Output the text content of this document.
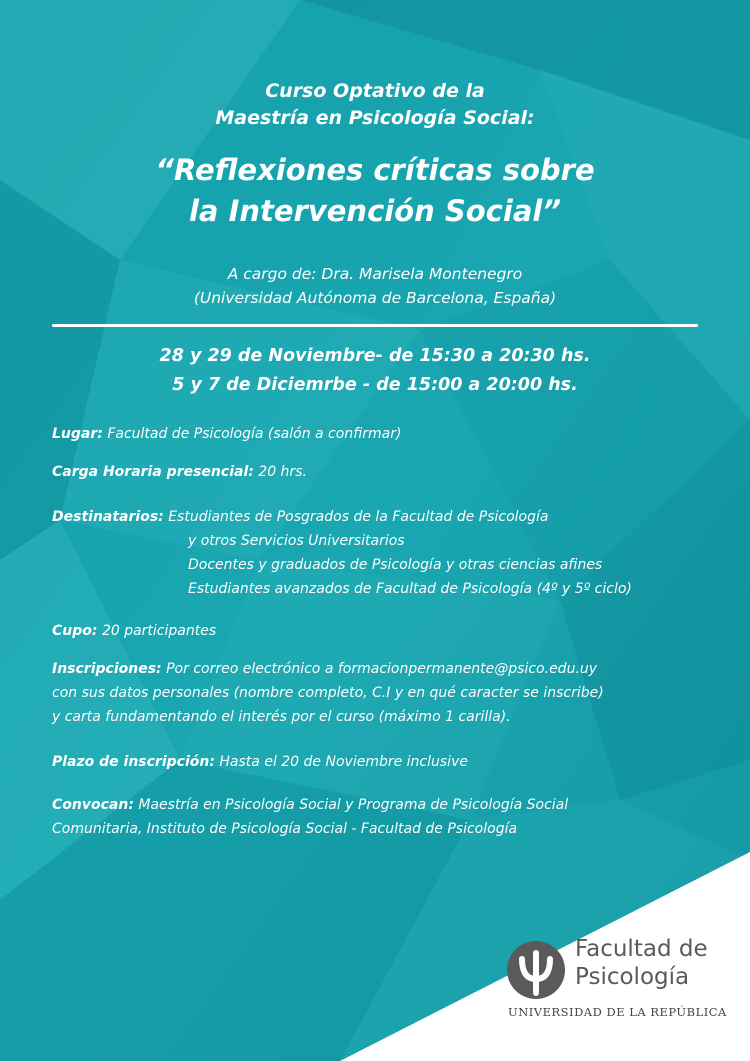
Curso Optativo de la
Maestría en Psicología Social:
“Reflexiones críticas sobre
la Intervención Social”
A cargo de: Dra. Marisela Montenegro
(Universidad Autónoma de Barcelona, España)
28 y 29 de Noviembre- de 15:30 a 20:30 hs.
5 y 7 de Diciemrbe - de 15:00 a 20:00 hs.
Lugar: Facultad de Psicología (salón a confirmar)
Carga Horaria presencial: 20 hrs.
Destinatarios: Estudiantes de Posgrados de la Facultad de Psicología
y otros Servicios Universitarios
Docentes y graduados de Psicología y otras ciencias afines
Estudiantes avanzados de Facultad de Psicología (4º y 5º ciclo)
Cupo: 20 participantes
Inscripciones: Por correo electrónico a formacionpermanente@psico.edu.uy
con sus datos personales (nombre completo, C.I y en qué caracter se inscribe)
y carta fundamentando el interés por el curso (máximo 1 carilla).
Plazo de inscripción: Hasta el 20 de Noviembre inclusive
Convocan: Maestría en Psicología Social y Programa de Psicología Social
Comunitaria, Instituto de Psicología Social - Facultad de Psicología
Facultad de
Psicología
UNIVERSIDAD DE LA REPÚBLICA
